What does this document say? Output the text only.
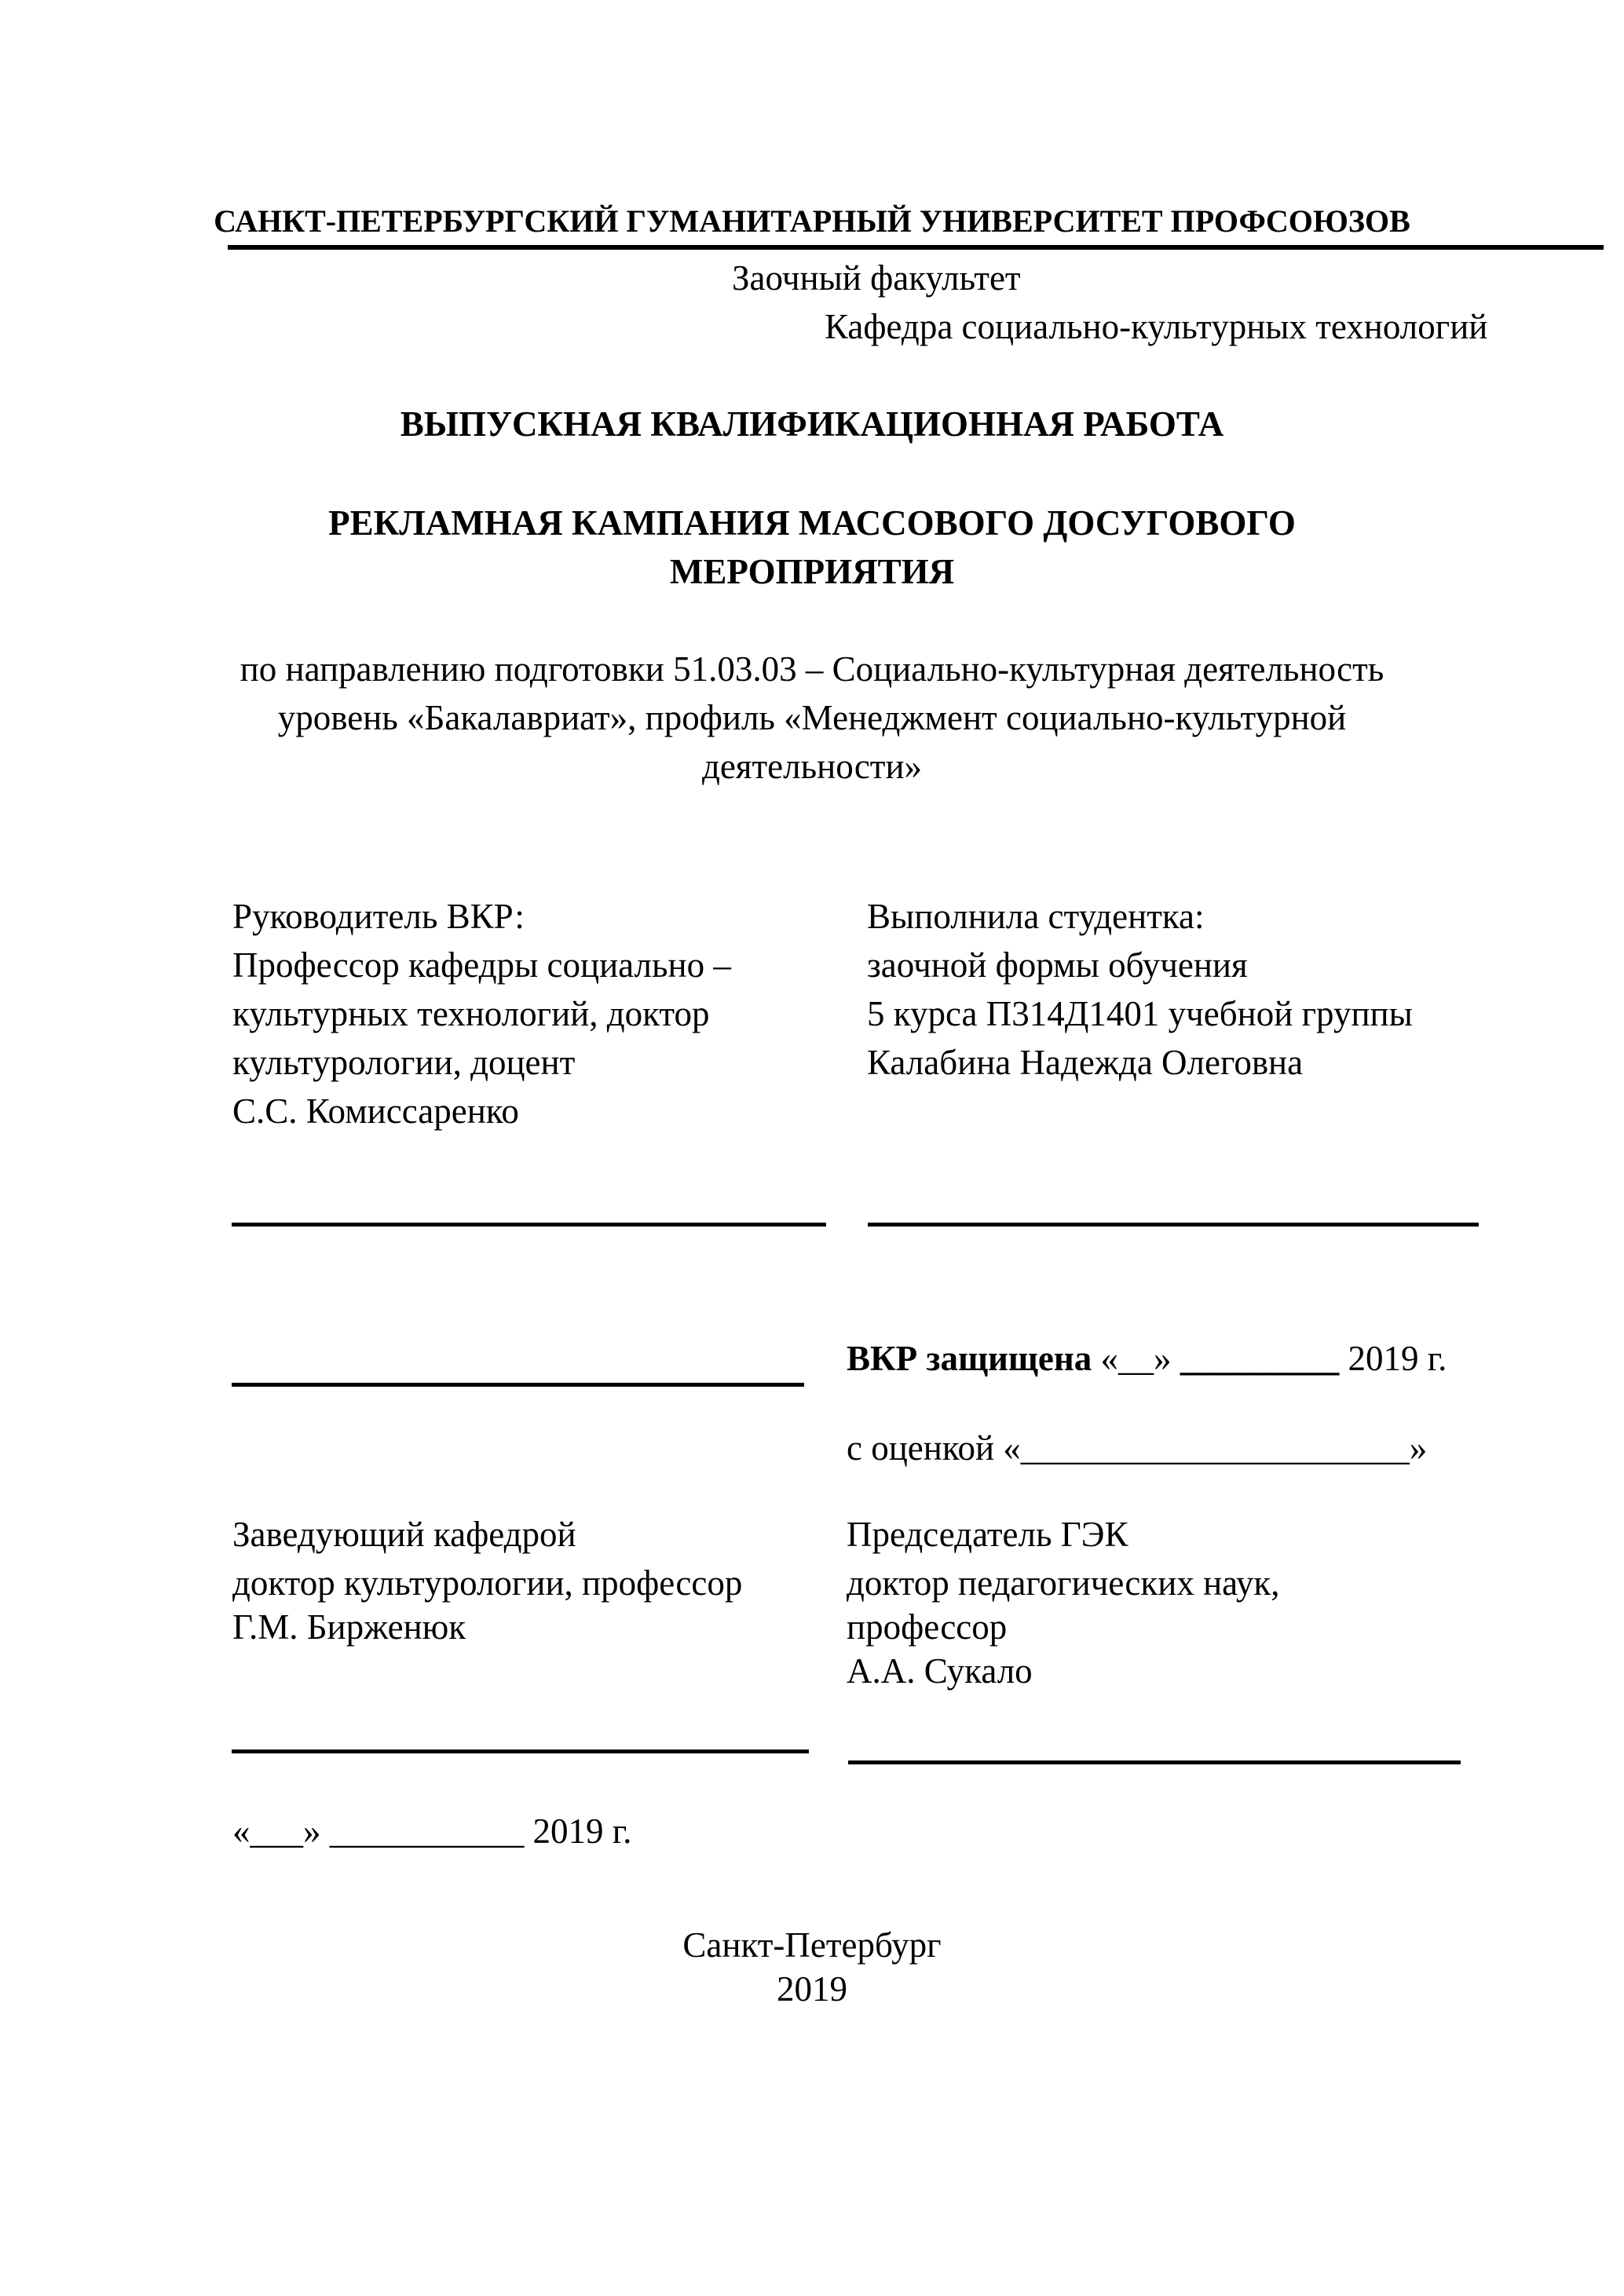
САНКТ-ПЕТЕРБУРГСКИЙ ГУМАНИТАРНЫЙ УНИВЕРСИТЕТ ПРОФСОЮЗОВ
Заочный факультет
Кафедра социально-культурных технологий
ВЫПУСКНАЯ КВАЛИФИКАЦИОННАЯ РАБОТА
РЕКЛАМНАЯ КАМПАНИЯ МАССОВОГО ДОСУГОВОГО
МЕРОПРИЯТИЯ
по направлению подготовки 51.03.03 – Социально-культурная деятельность
уровень «Бакалавриат», профиль «Менеджмент социально-культурной
деятельности»
Руководитель ВКР:
Профессор кафедры социально –
культурных технологий, доктор
культурологии, доцент
С.С. Комиссаренко
Выполнила студентка:
заочной формы обучения
5 курса П314Д1401 учебной группы
Калабина Надежда Олеговна
ВКР защищена «__» _________ 2019 г.
с оценкой «______________________»
Заведующий кафедрой
доктор культурологии, профессор
Г.М. Бирженюк
«___» ___________ 2019 г.
Председатель ГЭК
доктор педагогических наук,
профессор
А.А. Сукало
Санкт-Петербург
2019
